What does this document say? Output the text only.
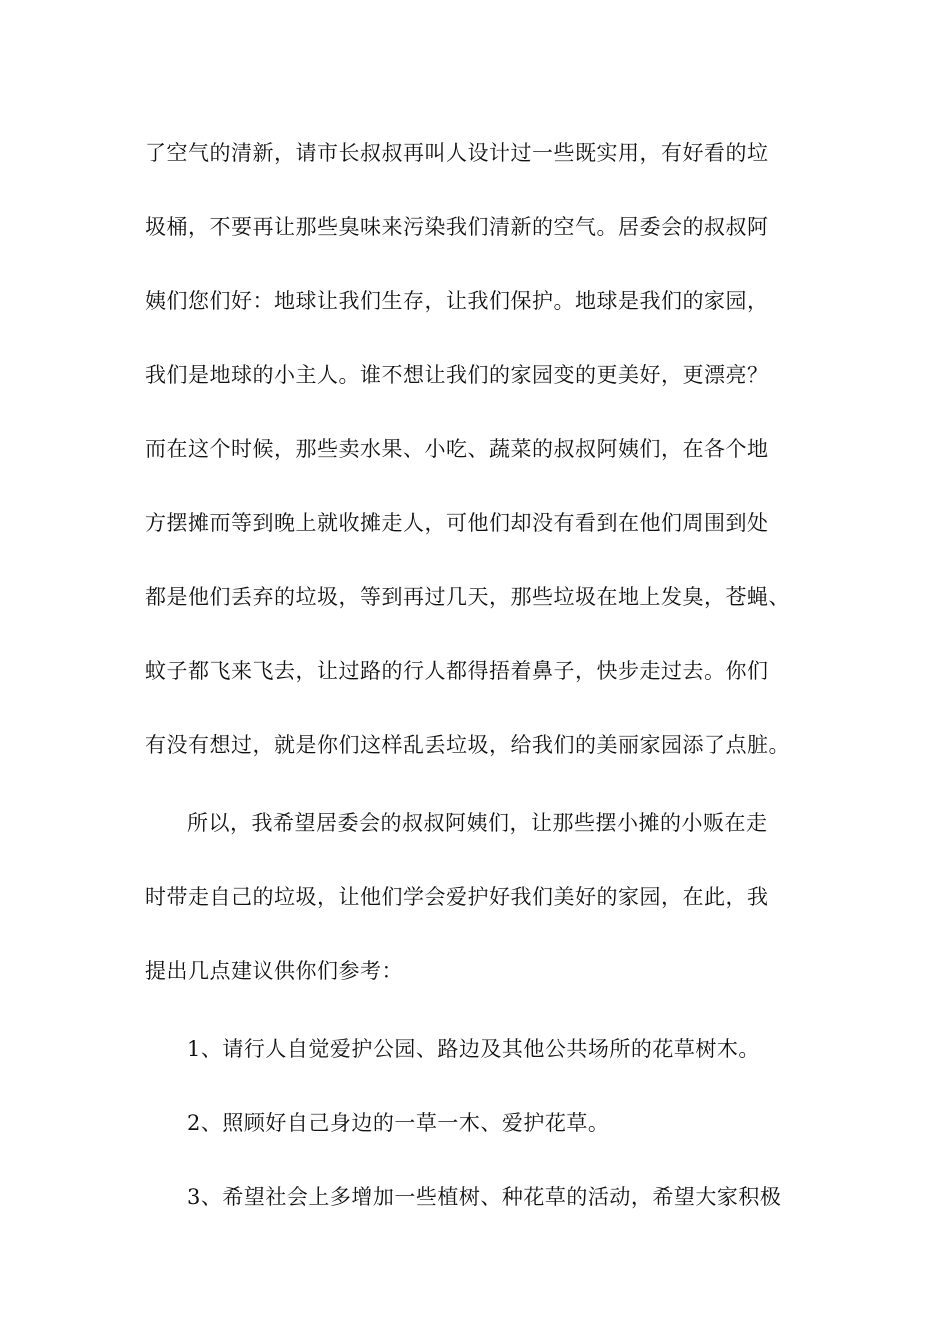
了空气的清新，请市长叔叔再叫人设计过一些既实用，有好看的垃
圾桶，不要再让那些臭味来污染我们清新的空气。居委会的叔叔阿
姨们您们好：地球让我们生存，让我们保护。地球是我们的家园，
我们是地球的小主人。谁不想让我们的家园变的更美好，更漂亮？
而在这个时候，那些卖水果、小吃、蔬菜的叔叔阿姨们，在各个地
方摆摊而等到晚上就收摊走人，可他们却没有看到在他们周围到处
都是他们丢弃的垃圾，等到再过几天，那些垃圾在地上发臭，苍蝇、
蚊子都飞来飞去，让过路的行人都得捂着鼻子，快步走过去。你们
有没有想过，就是你们这样乱丢垃圾，给我们的美丽家园添了点脏。
所以，我希望居委会的叔叔阿姨们，让那些摆小摊的小贩在走
时带走自己的垃圾，让他们学会爱护好我们美好的家园，在此，我
提出几点建议供你们参考：
1、请行人自觉爱护公园、路边及其他公共场所的花草树木。
2、照顾好自己身边的一草一木、爱护花草。
3、希望社会上多增加一些植树、种花草的活动，希望大家积极
